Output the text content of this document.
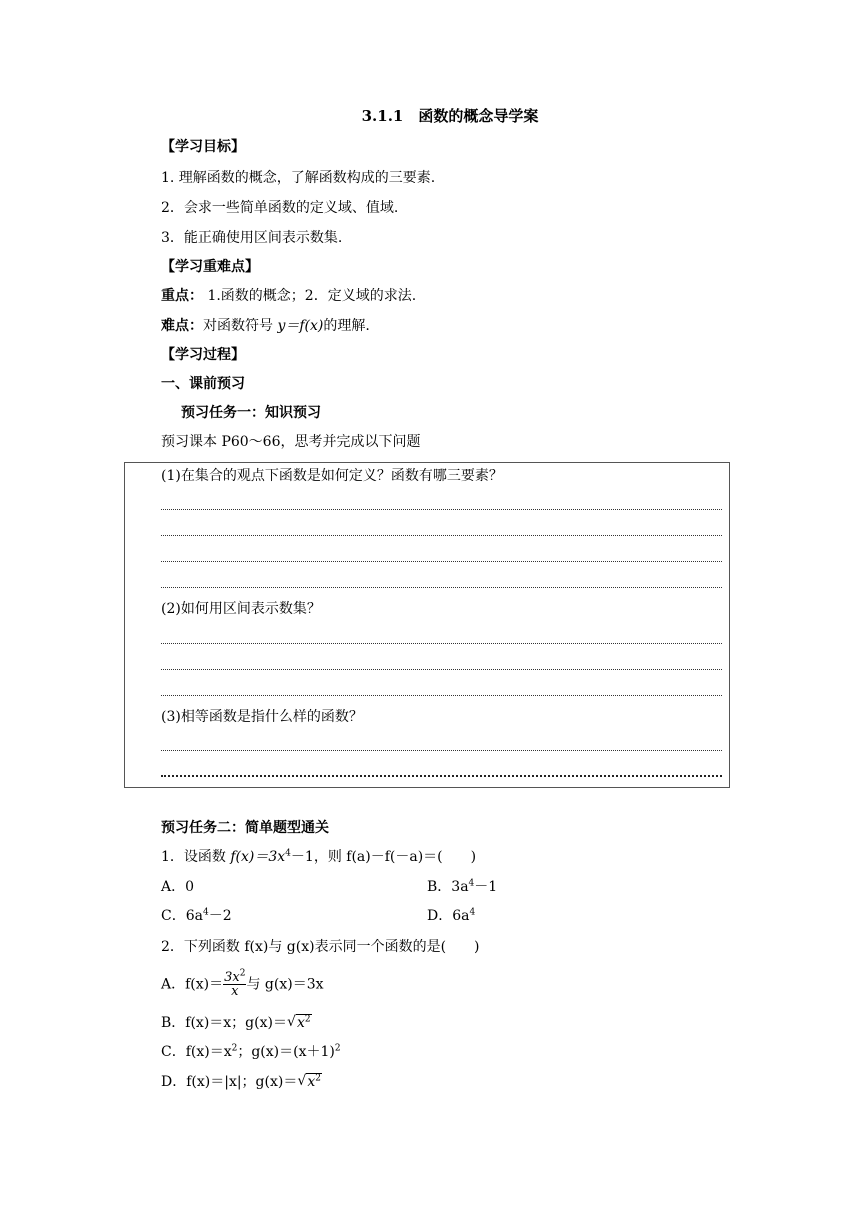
3.1.1　函数的概念导学案
【学习目标】
1. 理解函数的概念，了解函数构成的三要素.
2．会求一些简单函数的定义域、值域.
3．能正确使用区间表示数集.
【学习重难点】
重点： 1.函数的概念；2．定义域的求法.
难点：对函数符号 y＝f(x)的理解.
【学习过程】
一、课前预习
预习任务一：知识预习
预习课本 P60～66，思考并完成以下问题
(1)在集合的观点下函数是如何定义？函数有哪三要素？
(2)如何用区间表示数集？
(3)相等函数是指什么样的函数？
预习任务二：简单题型通关
1．设函数 $f(x)=3x^4-1$，则 f(a)－f(－a)＝(　　)
A．0	B．$3a^4-1$
C．$6a^4-2$	D．$6a^4$
2．下列函数 f(x)与 g(x)表示同一个函数的是(　　)
A．$f(x)= \frac{3x^2}{x}$ 与 g(x)＝3x
B．f(x)＝x；g(x)＝ √ $x^2$
C．$f(x)=x^2$；$g(x)=(x+1)^2$
D．f(x)＝|x|；g(x)＝ √ $x^2$
